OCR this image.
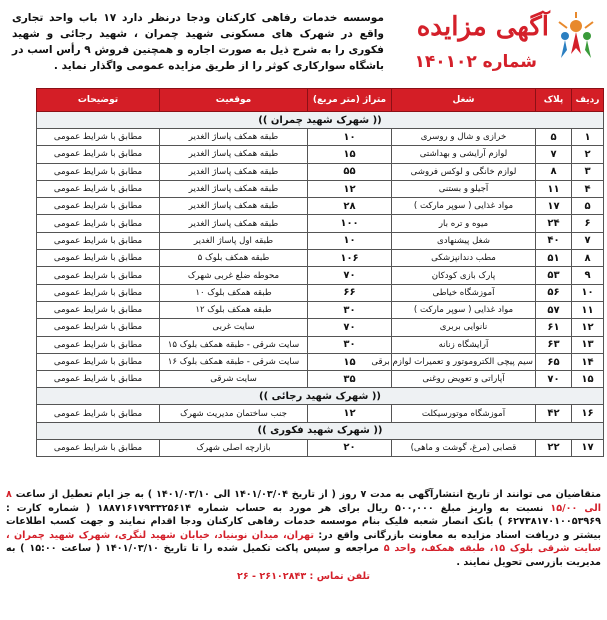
آگهی مزایده
شماره ۱۴۰۱۰۲
موسسه خدمات رفاهی کارکنان ودجا درنظر دارد ۱۷ باب واحد تجاری واقع در شهرک های مسکونی شهید چمران ، شهید رجائی و شهید فکوری را به شرح ذیل به صورت اجاره و همچنین فروش ۹ رأس اسب در باشگاه سوارکاری کوثر را از طریق مزایده عمومی واگذار نماید .
ردیف	پلاک	شغل	متراژ (متر مربع)	موقعیت	توضیحات
(( شهرک شهید چمران ))					
۱	۵	خرازی و شال و روسری	۱۰	طبقه همکف پاساژ الغدیر	مطابق با شرایط عمومی
۲	۷	لوازم آرایشی و بهداشتی	۱۵	طبقه همکف پاساژ الغدیر	مطابق با شرایط عمومی
۳	۸	لوازم خانگی و لوکس فروشی	۵۵	طبقه همکف پاساژ الغدیر	مطابق با شرایط عمومی
۴	۱۱	آجیلو و بستنی	۱۲	طبقه همکف پاساژ الغدیر	مطابق با شرایط عمومی
۵	۱۷	مواد غذایی ( سوپر مارکت )	۲۸	طبقه همکف پاساژ الغدیر	مطابق با شرایط عمومی
۶	۲۴	میوه و تره بار	۱۰۰	طبقه همکف پاساژ الغدیر	مطابق با شرایط عمومی
۷	۴۰	شغل پیشنهادی	۱۰	طبقه اول پاساژ الغدیر	مطابق با شرایط عمومی
۸	۵۱	مطب دندانپزشکی	۱۰۶	طبقه همکف بلوک ۵	مطابق با شرایط عمومی
۹	۵۳	پارک بازی کودکان	۷۰	محوطه ضلع غربی شهرک	مطابق با شرایط عمومی
۱۰	۵۶	آموزشگاه خیاطی	۶۶	طبقه همکف بلوک ۱۰	مطابق با شرایط عمومی
۱۱	۵۷	مواد غذایی ( سوپر مارکت )	۳۰	طبقه همکف بلوک ۱۲	مطابق با شرایط عمومی
۱۲	۶۱	نانوایی بربری	۷۰	سایت غربی	مطابق با شرایط عمومی
۱۳	۶۳	آرایشگاه زنانه	۳۰	سایت شرقی - طبقه همکف بلوک ۱۵	مطابق با شرایط عمومی
۱۴	۶۵	سیم پیچی الکتروموتور و تعمیرات لوازم برقی	۱۵	سایت شرقی - طبقه همکف بلوک ۱۶	مطابق با شرایط عمومی
۱۵	۷۰	آپاراتی و تعویض روغنی	۳۵	سایت شرقی	مطابق با شرایط عمومی
(( شهرک شهید رجائی ))					
۱۶	۴۲	آموزشگاه موتورسیکلت	۱۲	جنب ساختمان مدیریت شهرک	مطابق با شرایط عمومی
(( شهرک شهید فکوری ))					
۱۷	۲۲	قصابی (مرغ، گوشت و ماهی)	۲۰	بازارچه اصلی شهرک	مطابق با شرایط عمومی
متقاضیان می توانند از تاریخ انتشارآگهی به مدت ۷ روز ( از تاریخ ۱۴۰۱/۰۳/۰۴ الی ۱۴۰۱/۰۳/۱۰ ) به جز ایام تعطیل از ساعت ۸ الی ۱۵/۰۰ نسبت به واریز مبلغ ۵۰۰,۰۰۰ ریال برای هر مورد به حساب شماره ۱۸۸۷۱۶۱۷۹۳۳۲۵۶۱۴ ( شماره کارت : ۶۲۷۳۸۱۷۰۱۰۰۵۳۹۶۹ ) بانک انصار شعبه فلیک بنام موسسه خدمات رفاهی کارکنان ودجا اقدام نمایند و جهت کسب اطلاعات بیشتر و دریافت اسناد مزایده به معاونت بازرگانی واقع در: تهران، میدان نوبنیاد، خیابان شهید لنگری، شهرک شهید چمران ، سایت شرقی بلوک ۱۵، طبقه همکف، واحد ۵ مراجعه و سپس پاکت تکمیل شده را تا تاریخ ۱۴۰۱/۰۳/۱۰ ( ساعت ۱۵:۰۰ ) به مدیریت بازرسی تحویل نمایند .
تلفن تماس : ۲۶۱۰۲۸۴۳ - ۲۶
